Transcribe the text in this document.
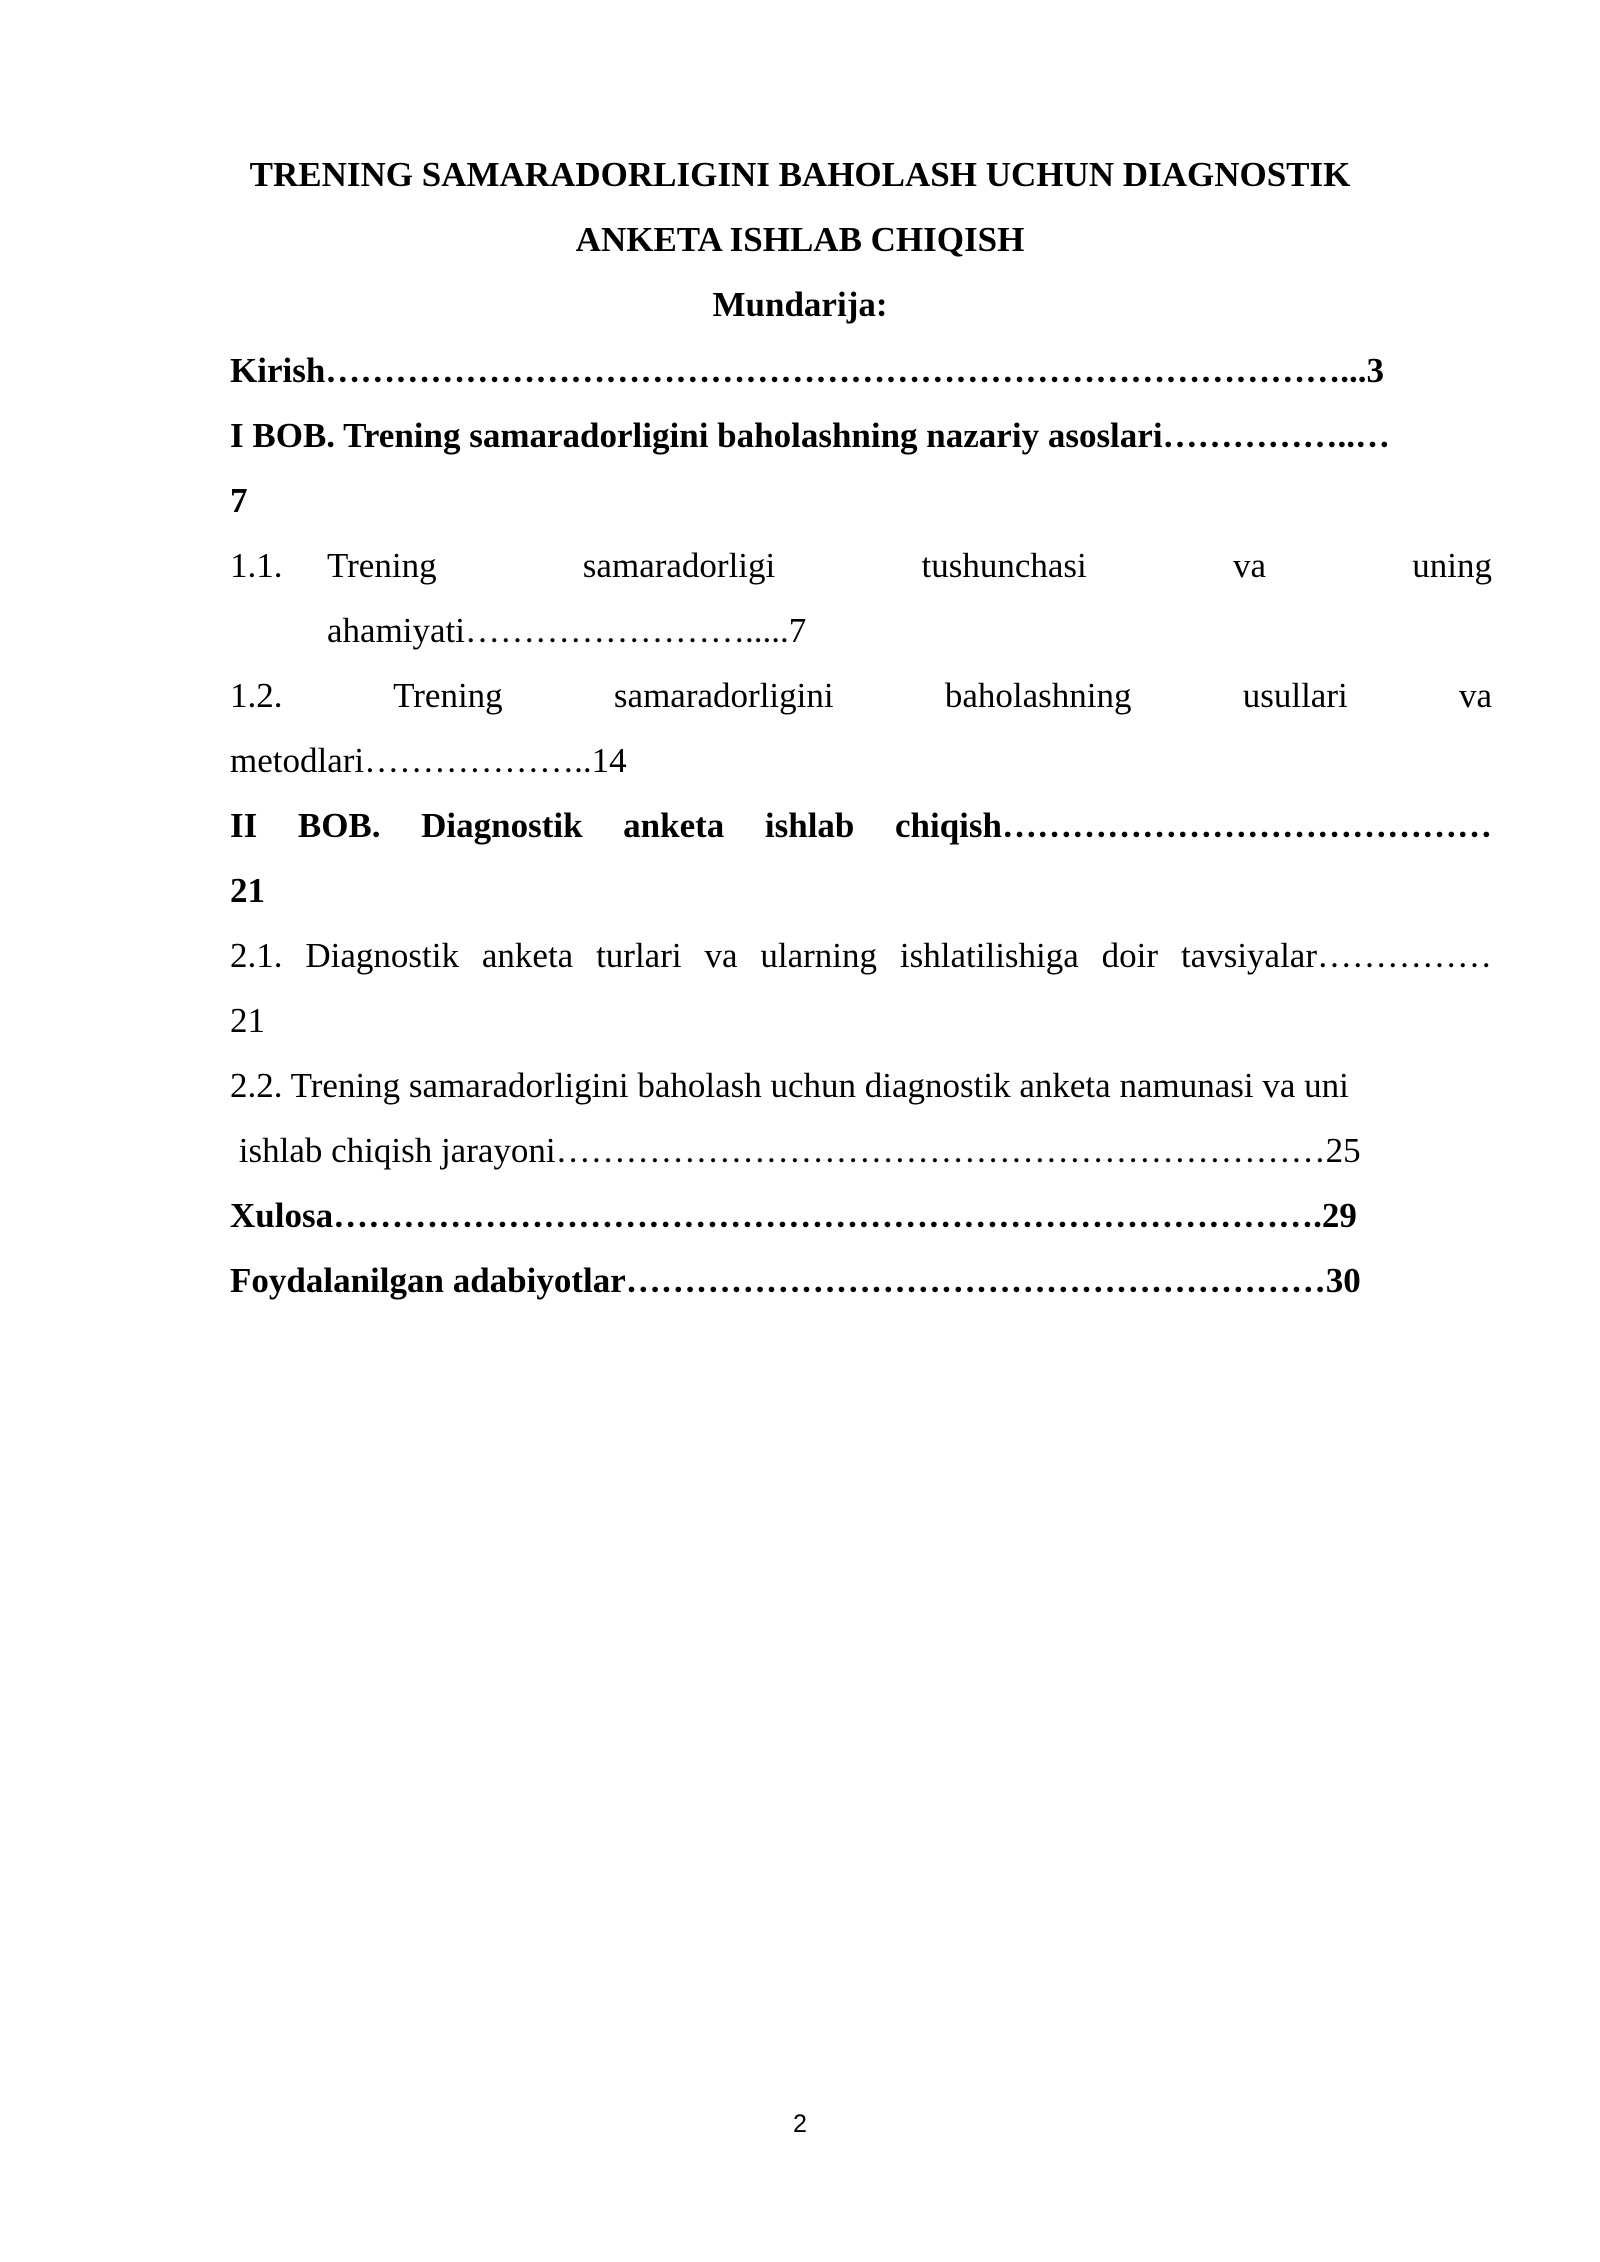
TRENING SAMARADORLIGINI BAHOLASH UCHUN DIAGNOSTIK
ANKETA ISHLAB CHIQISH
Mundarija:
Kirish……………………………………………………………………………...3
I BOB. Trening samaradorligini baholashning nazariy asoslari……………..…
7
1.1. Trening samaradorligi tushunchasi va uning
ahamiyati…………………….....7
1.2. Trening samaradorligini baholashning usullari va
metodlari………………..14
II BOB. Diagnostik anketa ishlab chiqish……………………………………
21
2.1. Diagnostik anketa turlari va ularning ishlatilishiga doir tavsiyalar……………
21
2.2. Trening samaradorligini baholash uchun diagnostik anketa namunasi va uni
ishlab chiqish jarayoni…………………………………………………………25
Xulosa………………………………………………………………………….29
Foydalanilgan adabiyotlar……………………………………………………30
2
